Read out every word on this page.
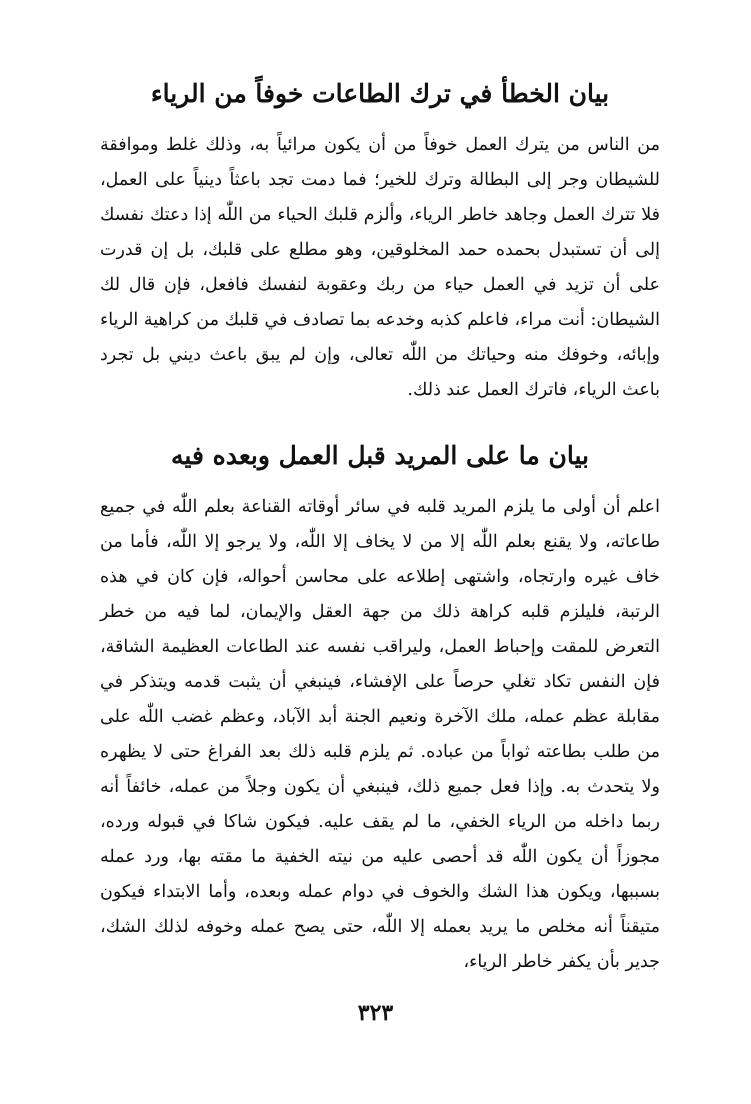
بيان الخطأ في ترك الطاعات خوفاً من الرياء

من الناس من يترك العمل خوفاً من أن يكون مرائياً به، وذلك غلط وموافقة للشيطان وجر إلى البطالة وترك للخير؛ فما دمت تجد باعثاً دينياً على العمل، فلا تترك العمل وجاهد خاطر الرياء، وألزم قلبك الحياء من اللّٰه إذا دعتك نفسك إلى أن تستبدل بحمده حمد المخلوقين، وهو مطلع على قلبك، بل إن قدرت على أن تزيد في العمل حياء من ربك وعقوبة لنفسك فافعل، فإن قال لك الشيطان: أنت مراء، فاعلم كذبه وخدعه بما تصادف في قلبك من كراهية الرياء وإبائه، وخوفك منه وحياتك من اللّٰه تعالى، وإن لم يبق باعث ديني بل تجرد باعث الرياء، فاترك العمل عند ذلك.

بيان ما على المريد قبل العمل وبعده فيه

اعلم أن أولى ما يلزم المريد قلبه في سائر أوقاته القناعة بعلم اللّٰه في جميع طاعاته، ولا يقنع بعلم اللّٰه إلا من لا يخاف إلا اللّٰه، ولا يرجو إلا اللّٰه، فأما من خاف غيره وارتجاه، واشتهى إطلاعه على محاسن أحواله، فإن كان في هذه الرتبة، فليلزم قلبه كراهة ذلك من جهة العقل والإيمان، لما فيه من خطر التعرض للمقت وإحباط العمل، وليراقب نفسه عند الطاعات العظيمة الشاقة، فإن النفس تكاد تغلي حرصاً على الإفشاء، فينبغي أن يثبت قدمه ويتذكر في مقابلة عظم عمله، ملك الآخرة ونعيم الجنة أبد الآباد، وعظم غضب اللّٰه على من طلب بطاعته ثواباً من عباده. ثم يلزم قلبه ذلك بعد الفراغ حتى لا يظهره ولا يتحدث به. وإذا فعل جميع ذلك، فينبغي أن يكون وجلاً من عمله، خائفاً أنه ربما داخله من الرياء الخفي، ما لم يقف عليه. فيكون شاكا في قبوله ورده، مجوزاً أن يكون اللّٰه قد أحصى عليه من نيته الخفية ما مقته بها، ورد عمله بسببها، ويكون هذا الشك والخوف في دوام عمله وبعده، وأما الابتداء فيكون متيقناً أنه مخلص ما يريد بعمله إلا اللّٰه، حتى يصح عمله وخوفه لذلك الشك، جدير بأن يكفر خاطر الرياء،

٣٢٣
